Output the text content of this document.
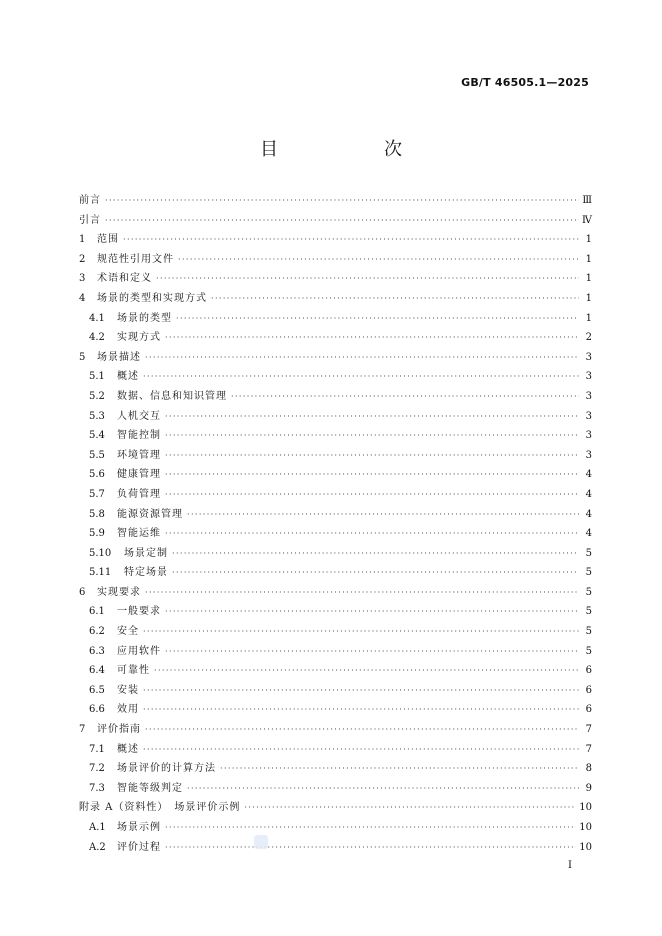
GB/T 46505.1—2025
目　次
前言 ·····	Ⅲ
引言 ·····	Ⅳ
1	范围 ·····	1
2	规范性引用文件 ·····	1
3	术语和定义 ·····	1
4	场景的类型和实现方式 ·····	1
4.1	场景的类型 ·····	1
4.2	实现方式 ·····	2
5	场景描述 ·····	3
5.1	概述 ·····	3
5.2	数据、信息和知识管理 ·····	3
5.3	人机交互 ·····	3
5.4	智能控制 ·····	3
5.5	环境管理 ·····	3
5.6	健康管理 ·····	4
5.7	负荷管理 ·····	4
5.8	能源资源管理 ·····	4
5.9	智能运维 ·····	4
5.10	场景定制 ·····	5
5.11	特定场景 ·····	5
6	实现要求 ·····	5
6.1	一般要求 ·····	5
6.2	安全 ·····	5
6.3	应用软件 ·····	5
6.4	可靠性 ·····	6
6.5	安装 ·····	6
6.6	效用 ·····	6
7	评价指南 ·····	7
7.1	概述 ·····	7
7.2	场景评价的计算方法 ·····	8
7.3	智能等级判定 ·····	9
附录 A（资料性）　场景评价示例 ·····	10
A.1	场景示例 ·····	10
A.2	评价过程 ·····	10
I
